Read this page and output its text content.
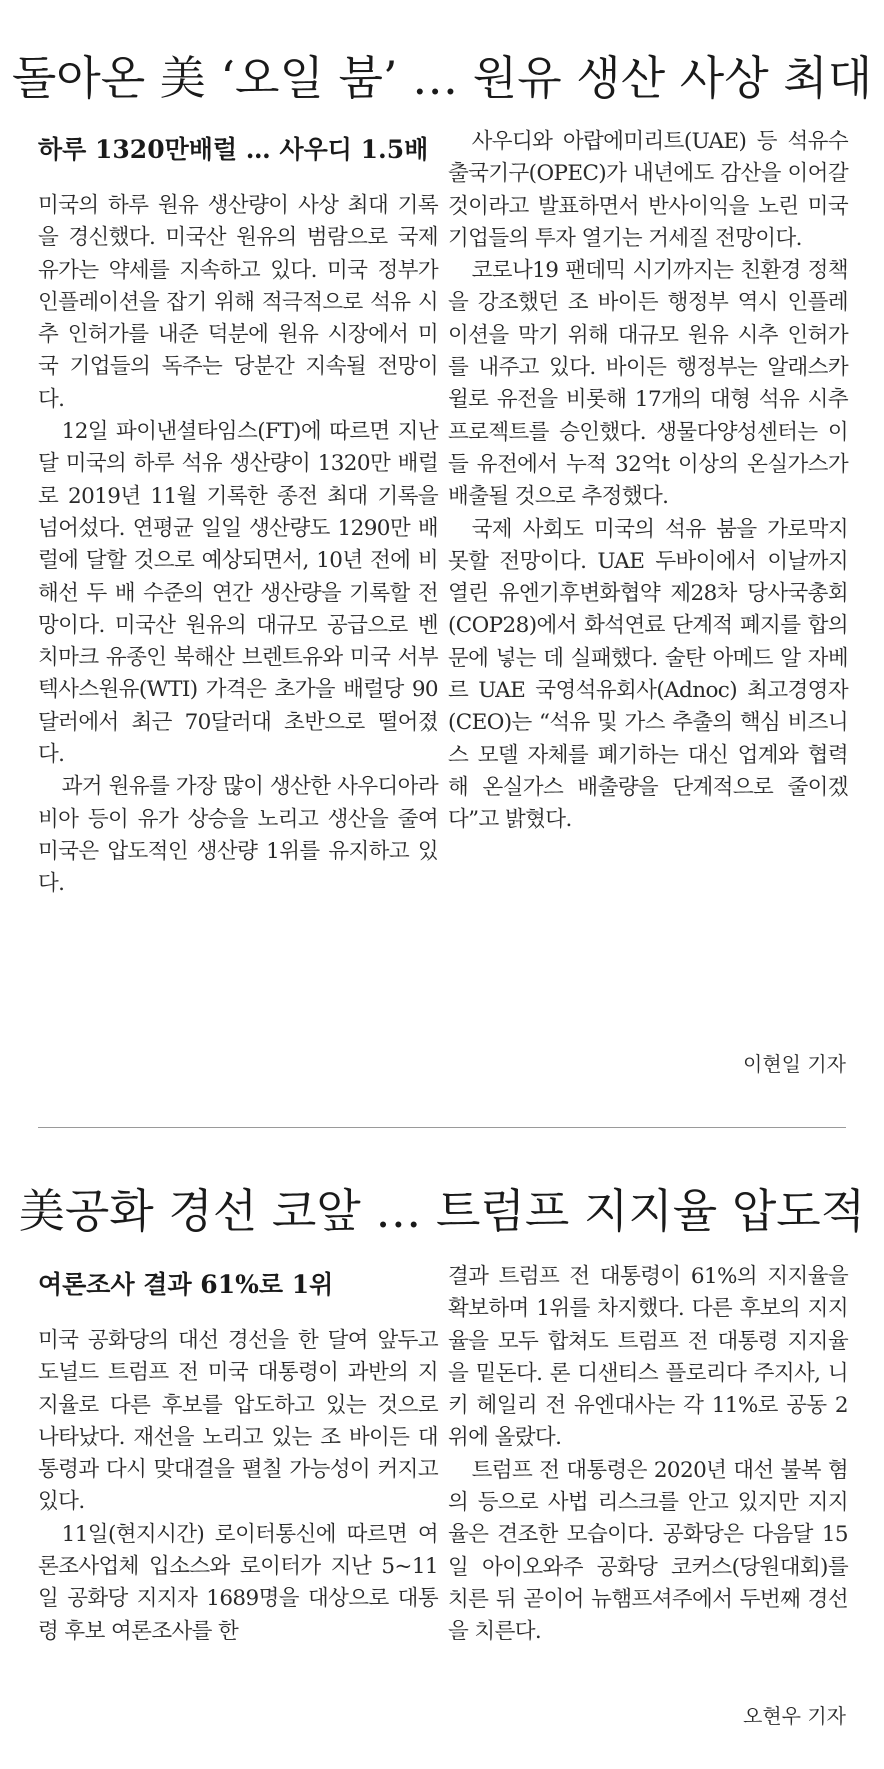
돌아온 美 ‘오일 붐’ … 원유 생산 사상 최대
하루 1320만배럴 … 사우디 1.5배

미국의 하루 원유 생산량이 사상 최대 기록을 경신했다. 미국산 원유의 범람으로 국제 유가는 약세를 지속하고 있다. 미국 정부가 인플레이션을 잡기 위해 적극적으로 석유 시추 인허가를 내준 덕분에 원유 시장에서 미국 기업들의 독주는 당분간 지속될 전망이다.

12일 파이낸셜타임스(FT)에 따르면 지난달 미국의 하루 석유 생산량이 1320만 배럴로 2019년 11월 기록한 종전 최대 기록을 넘어섰다. 연평균 일일 생산량도 1290만 배럴에 달할 것으로 예상되면서, 10년 전에 비해선 두 배 수준의 연간 생산량을 기록할 전망이다. 미국산 원유의 대규모 공급으로 벤치마크 유종인 북해산 브렌트유와 미국 서부텍사스원유(WTI) 가격은 초가을 배럴당 90달러에서 최근 70달러대 초반으로 떨어졌다.

과거 원유를 가장 많이 생산한 사우디아라비아 등이 유가 상승을 노리고 생산을 줄여 미국은 압도적인 생산량 1위를 유지하고 있다.

사우디와 아랍에미리트(UAE) 등 석유수출국기구(OPEC)가 내년에도 감산을 이어갈 것이라고 발표하면서 반사이익을 노린 미국 기업들의 투자 열기는 거세질 전망이다.

코로나19 팬데믹 시기까지는 친환경 정책을 강조했던 조 바이든 행정부 역시 인플레이션을 막기 위해 대규모 원유 시추 인허가를 내주고 있다. 바이든 행정부는 알래스카 윌로 유전을 비롯해 17개의 대형 석유 시추 프로젝트를 승인했다. 생물다양성센터는 이들 유전에서 누적 32억t 이상의 온실가스가 배출될 것으로 추정했다.

국제 사회도 미국의 석유 붐을 가로막지 못할 전망이다. UAE 두바이에서 이날까지 열린 유엔기후변화협약 제28차 당사국총회(COP28)에서 화석연료 단계적 폐지를 합의문에 넣는 데 실패했다. 술탄 아메드 알 자베르 UAE 국영석유회사(Adnoc) 최고경영자(CEO)는 “석유 및 가스 추출의 핵심 비즈니스 모델 자체를 폐기하는 대신 업계와 협력해 온실가스 배출량을 단계적으로 줄이겠다”고 밝혔다.

이현일 기자
美공화 경선 코앞 … 트럼프 지지율 압도적
여론조사 결과 61%로 1위

미국 공화당의 대선 경선을 한 달여 앞두고 도널드 트럼프 전 미국 대통령이 과반의 지지율로 다른 후보를 압도하고 있는 것으로 나타났다. 재선을 노리고 있는 조 바이든 대통령과 다시 맞대결을 펼칠 가능성이 커지고 있다.

11일(현지시간) 로이터통신에 따르면 여론조사업체 입소스와 로이터가 지난 5~11일 공화당 지지자 1689명을 대상으로 대통령 후보 여론조사를 한

결과 트럼프 전 대통령이 61%의 지지율을 확보하며 1위를 차지했다. 다른 후보의 지지율을 모두 합쳐도 트럼프 전 대통령 지지율을 밑돈다. 론 디샌티스 플로리다 주지사, 니키 헤일리 전 유엔대사는 각 11%로 공동 2위에 올랐다.

트럼프 전 대통령은 2020년 대선 불복 혐의 등으로 사법 리스크를 안고 있지만 지지율은 견조한 모습이다. 공화당은 다음달 15일 아이오와주 공화당 코커스(당원대회)를 치른 뒤 곧이어 뉴햄프셔주에서 두번째 경선을 치른다.

오현우 기자
